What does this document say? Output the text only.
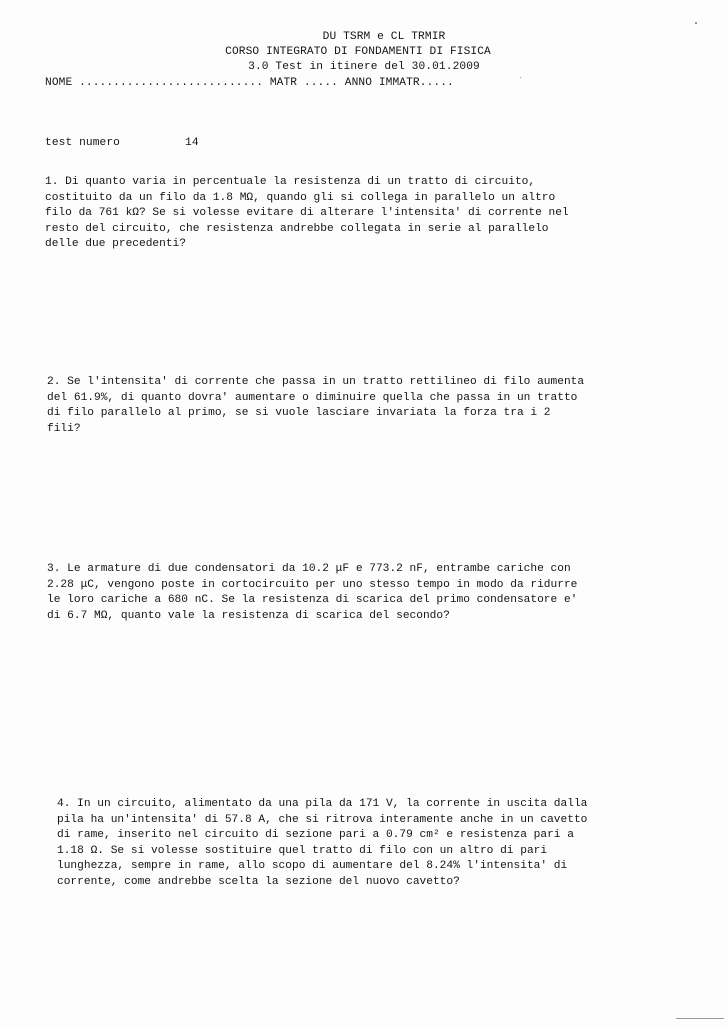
DU TSRM e CL TRMIR
CORSO INTEGRATO DI FONDAMENTI DI FISICA
3.0 Test in itinere del 30.01.2009
NOME ........................... MATR ..... ANNO IMMATR.....
test numero	14
1. Di quanto varia in percentuale la resistenza di un tratto di circuito,
costituito da un filo da 1.8 MΩ, quando gli si collega in parallelo un altro
filo da 761 kΩ? Se si volesse evitare di alterare l'intensita' di corrente nel
resto del circuito, che resistenza andrebbe collegata in serie al parallelo
delle due precedenti?
2. Se l'intensita' di corrente che passa in un tratto rettilineo di filo aumenta
del 61.9%, di quanto dovra' aumentare o diminuire quella che passa in un tratto
di filo parallelo al primo, se si vuole lasciare invariata la forza tra i 2
fili?
3. Le armature di due condensatori da 10.2 μF e 773.2 nF, entrambe cariche con
2.28 μC, vengono poste in cortocircuito per uno stesso tempo in modo da ridurre
le loro cariche a 680 nC. Se la resistenza di scarica del primo condensatore e'
di 6.7 MΩ, quanto vale la resistenza di scarica del secondo?
4. In un circuito, alimentato da una pila da 171 V, la corrente in uscita dalla
pila ha un'intensita' di 57.8 A, che si ritrova interamente anche in un cavetto
di rame, inserito nel circuito di sezione pari a 0.79 cm² e resistenza pari a
1.18 Ω. Se si volesse sostituire quel tratto di filo con un altro di pari
lunghezza, sempre in rame, allo scopo di aumentare del 8.24% l'intensita' di
corrente, come andrebbe scelta la sezione del nuovo cavetto?
